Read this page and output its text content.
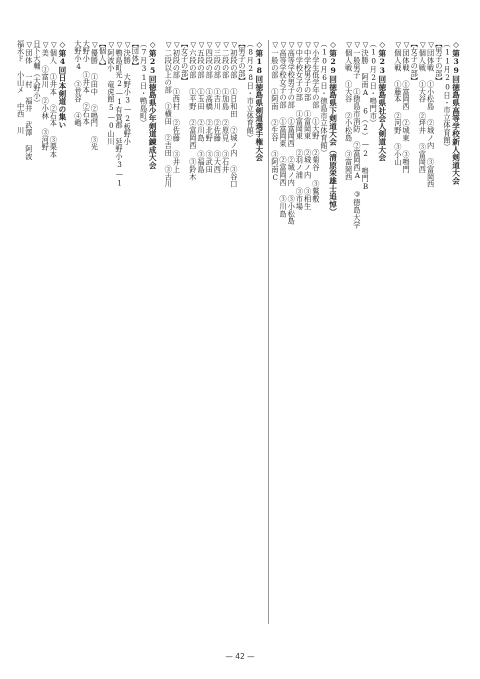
◇第39回徳島県高等学校新人剣道大会
（11月20日・市立体育館）
【男子の部】
▽団体戦 ①小松島 ②城ノ内 ③富岡西
▽個人戦 ①大谷 ②坪井 ③富岡西
【女子の部】
▽団体戦 ①富岡西 ②城東 ③鳴門
▽個人戦 ①藤本 ②河野 ③小山
◇第23回徳島県社会人剣道大会
（10月2日・鳴門市）
▽決勝 阿南A 6（2）—2 鳴門B
▽一般男子 ①徳島市消防 ②富岡西A ③徳島大学
▽個人戦 ①大谷 ②小松島 ③富岡西
◇第29回徳島県下剣道大会（清原栄雄士追悼）
（10月6日・徳島市立体育館）
▽小学生低学年の部 ①大野 ②菊谷 ③鷲敷
▽中学校男子の部 ①富岡東 ②城ノ内 ③相生
▽中学校女子の部 ①富岡東 ②羽ノ浦 ③市場
▽高等学校男子の部 ①富岡西 ②城ノ内 ③小松島
▽高等学校女子の部 ①富岡東 ②富岡西 ③川島
▽一般の部 ①阿南 ②生谷 ③阿南C
◇第18回徳島県剣道選手権大会
（8月28日・市立体育館）
【男子の部】
▽初段の部 ①日和田 ②城ノ内 ③谷口
▽二段の部 ①加島 ②原見 ③石井
▽三段の部 ①吉川 ②佐藤 ③大西
▽四段の部 ①高橋 ②北野 ③武田
▽五段の部 ①玉田 ②川島 ③福島
▽六段の部 ①平野 ②富岡西 ③鈴木
【女子の部】
▽初段の部 ①西村 ②佐藤 ③井上
▽二段以上の部 ①横田 ②吉田 ③古川
◇第25回徳島県少年剣道錬成大会
（7月31日・鴨島町）
【団体】
▽決勝 大野小3—2板野小
▽鴨島町光2—1有賀郡 延野小3—1
▽阿波小 竜虎館5—0山川
【個人】
▽優勝 ①田中 ②鳴門 ③光
大野小 ①井本 ②石本
大野小4 ③荒谷 ④嶋
◇第4回日本剣道の集い
▽個人 ①井本 ②石本 ③栗本
▽美 ①富川 ②小林 ③河野
日下大輔（大野小）
▽団体 一村 福井 武澤 阿波
福永ド 小山メ 中西 川
— 42 —
